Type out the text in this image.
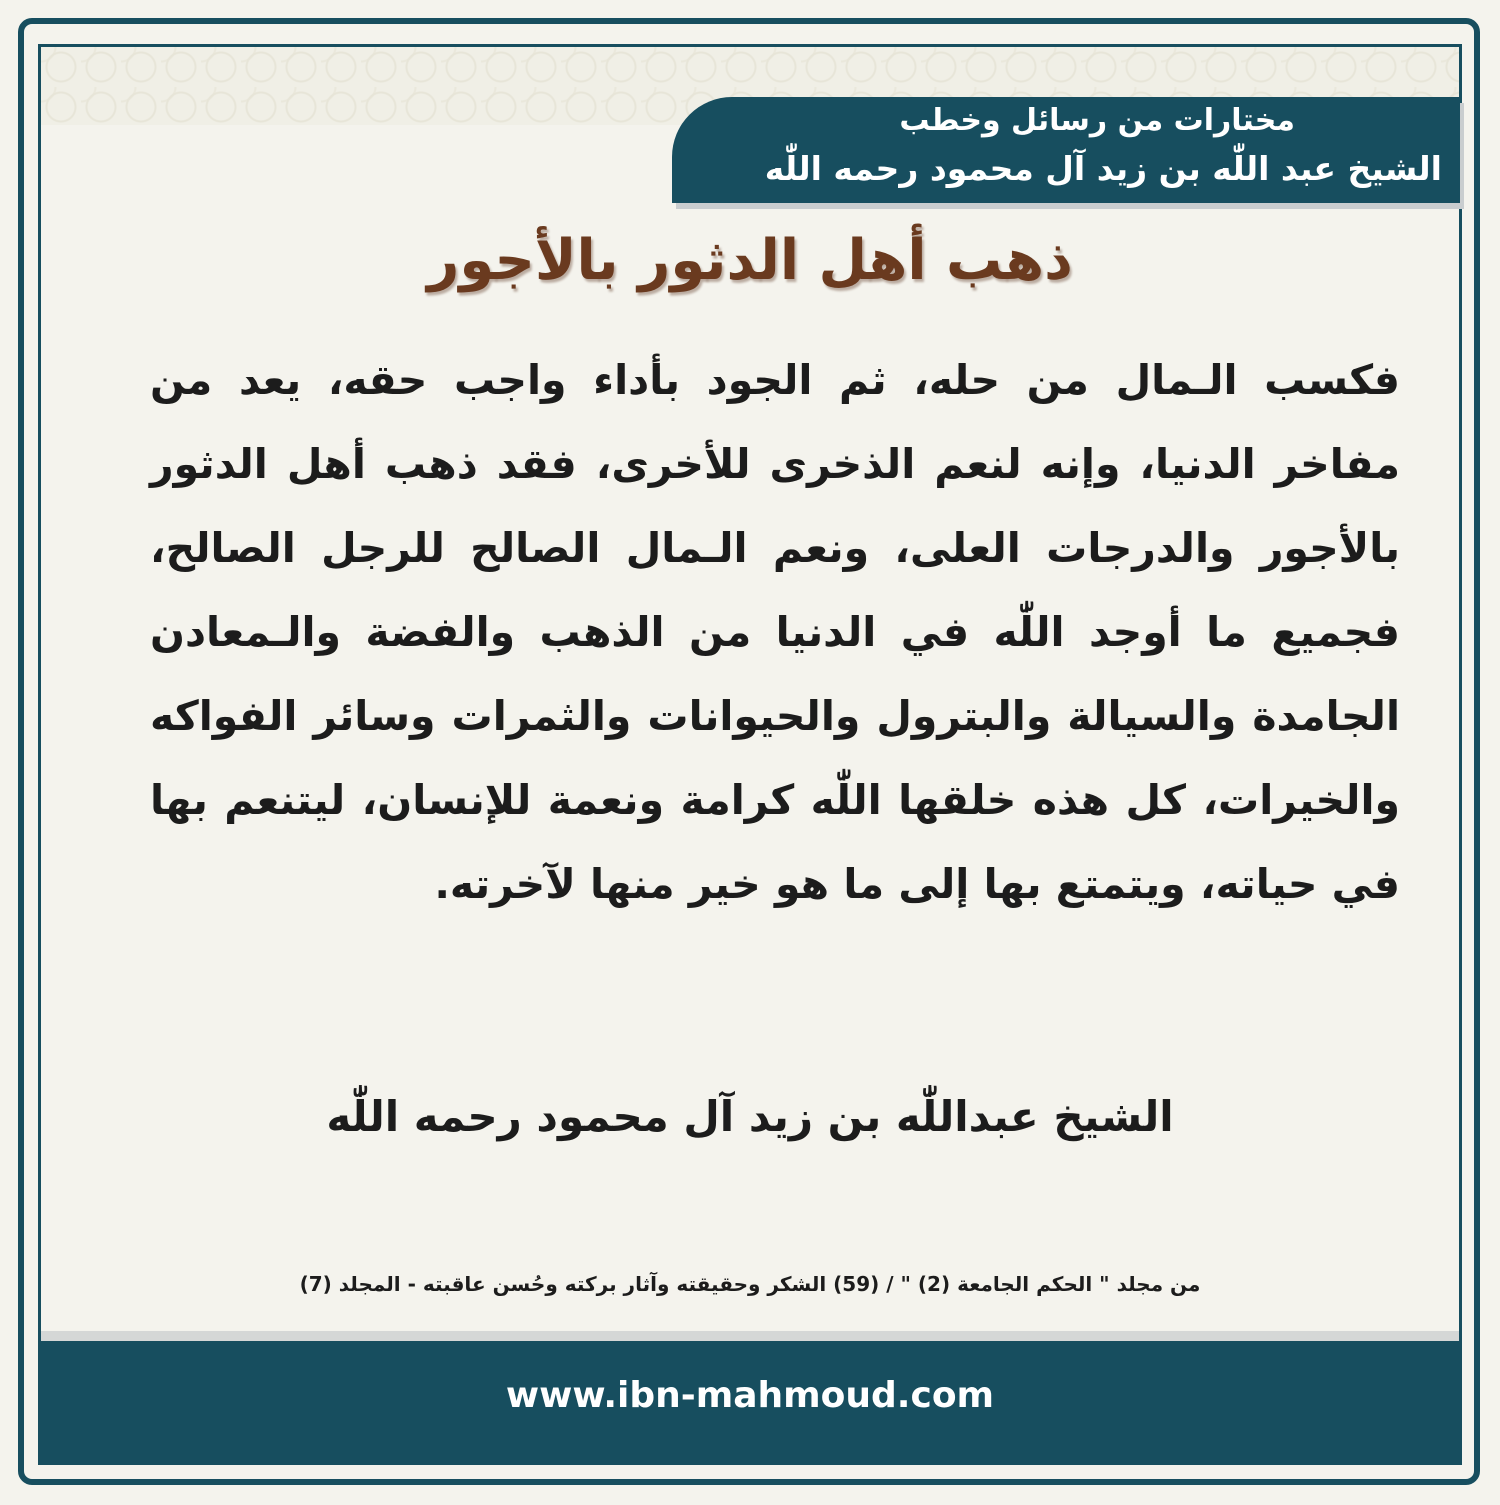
مختارات من رسائل وخطب
الشيخ عبد اللّٰه بن زيد آل محمود رحمه اللّٰه
ذهب أهل الدثور بالأجور
فكسب الـمال من حله، ثم الجود بأداء واجب حقه، يعد من مفاخر الدنيا، وإنه لنعم الذخرى للأخرى، فقد ذهب أهل الدثور بالأجور والدرجات العلى، ونعم الـمال الصالح للرجل الصالح، فجميع ما أوجد اللّٰه في الدنيا من الذهب والفضة والـمعادن الجامدة والسيالة والبترول والحيوانات والثمرات وسائر الفواكه والخيرات، كل هذه خلقها اللّٰه كرامة ونعمة للإنسان، ليتنعم بها في حياته، ويتمتع بها إلى ما هو خير منها لآخرته.
الشيخ عبداللّٰه بن زيد آل محمود رحمه اللّٰه
من مجلد " الحكم الجامعة (2) " / (59) الشكر وحقيقته وآثار بركته وحُسن عاقبته - المجلد (7)
www.ibn-mahmoud.com
